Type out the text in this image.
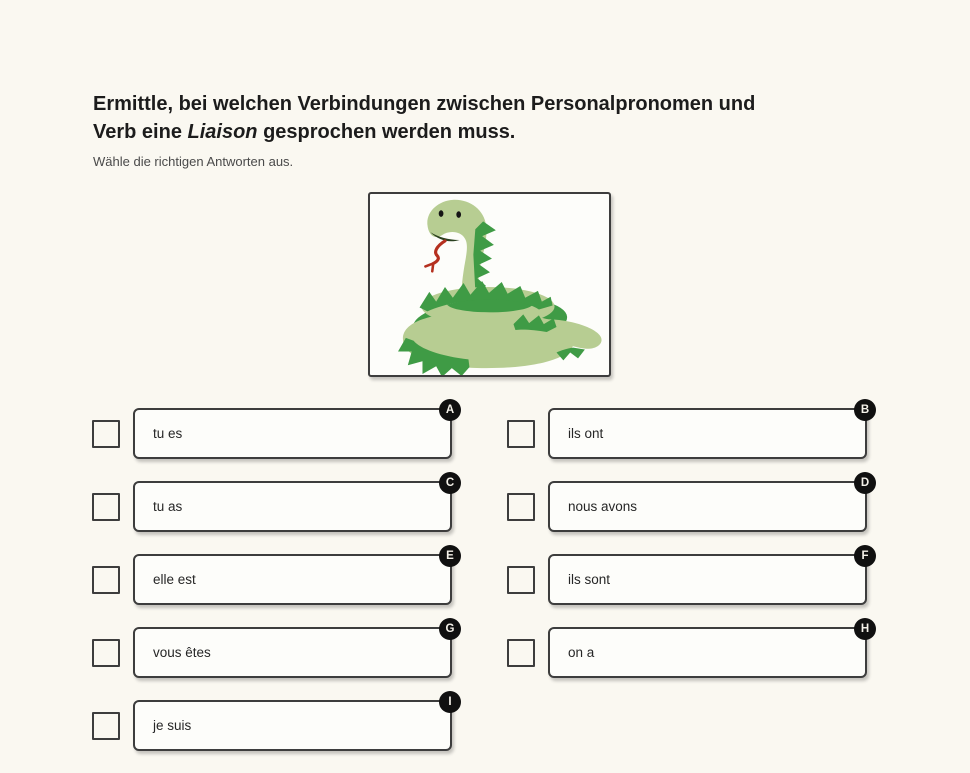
Ermittle, bei welchen Verbindungen zwischen Personalpronomen und
Verb eine Liaison gesprochen werden muss.

Wähle die richtigen Antworten aus.

tu es
A
ils ont
B
tu as
C
nous avons
D
elle est
E
ils sont
F
vous êtes
G
on a
H
je suis
I
